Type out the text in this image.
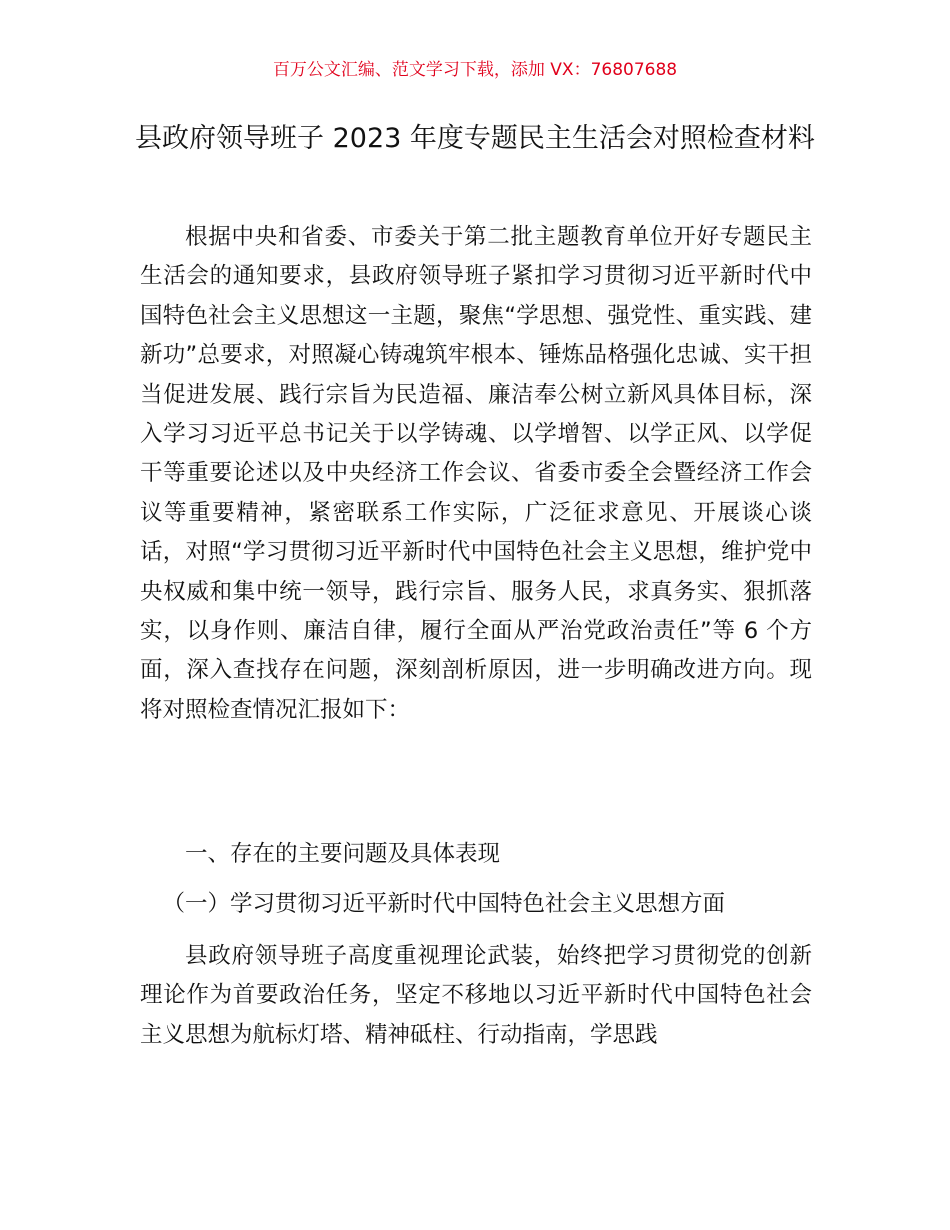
百万公文汇编、范文学习下载，添加 VX：76807688
县政府领导班子 2023 年度专题民主生活会对照检查材料

根据中央和省委、市委关于第二批主题教育单位开好专题民主生活会的通知要求，县政府领导班子紧扣学习贯彻习近平新时代中国特色社会主义思想这一主题，聚焦“学思想、强党性、重实践、建新功”总要求，对照凝心铸魂筑牢根本、锤炼品格强化忠诚、实干担当促进发展、践行宗旨为民造福、廉洁奉公树立新风具体目标，深入学习习近平总书记关于以学铸魂、以学增智、以学正风、以学促干等重要论述以及中央经济工作会议、省委市委全会暨经济工作会议等重要精神，紧密联系工作实际，广泛征求意见、开展谈心谈话，对照“学习贯彻习近平新时代中国特色社会主义思想，维护党中央权威和集中统一领导，践行宗旨、服务人民，求真务实、狠抓落实，以身作则、廉洁自律，履行全面从严治党政治责任”等 6 个方面，深入查找存在问题，深刻剖析原因，进一步明确改进方向。现将对照检查情况汇报如下：

一、存在的主要问题及具体表现

（一）学习贯彻习近平新时代中国特色社会主义思想方面

县政府领导班子高度重视理论武装，始终把学习贯彻党的创新理论作为首要政治任务，坚定不移地以习近平新时代中国特色社会主义思想为航标灯塔、精神砥柱、行动指南，学思践
